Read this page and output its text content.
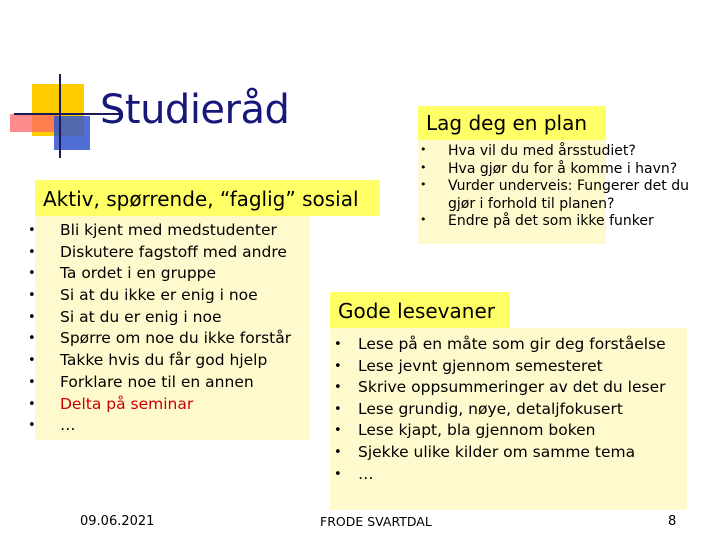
Studieråd	Lag deg en plan
• Hva vil du med årsstudiet?
• Hva gjør du for å komme i havn?
• Vurder underveis: Fungerer det du gjør i forhold til planen?
• Endre på det som ikke funker
Aktiv, spørrende, “faglig” sosial
• Bli kjent med medstudenter
• Diskutere fagstoff med andre
• Ta ordet i en gruppe
• Si at du ikke er enig i noe
• Si at du er enig i noe
• Spørre om noe du ikke forstår
• Takke hvis du får god hjelp
• Forklare noe til en annen
• Delta på seminar
• …
Gode lesevaner
• Lese på en måte som gir deg forståelse
• Lese jevnt gjennom semesteret
• Skrive oppsummeringer av det du leser
• Lese grundig, nøye, detaljfokusert
• Lese kjapt, bla gjennom boken
• Sjekke ulike kilder om samme tema
• …
09.06.2021	FRODE SVARTDAL	8
